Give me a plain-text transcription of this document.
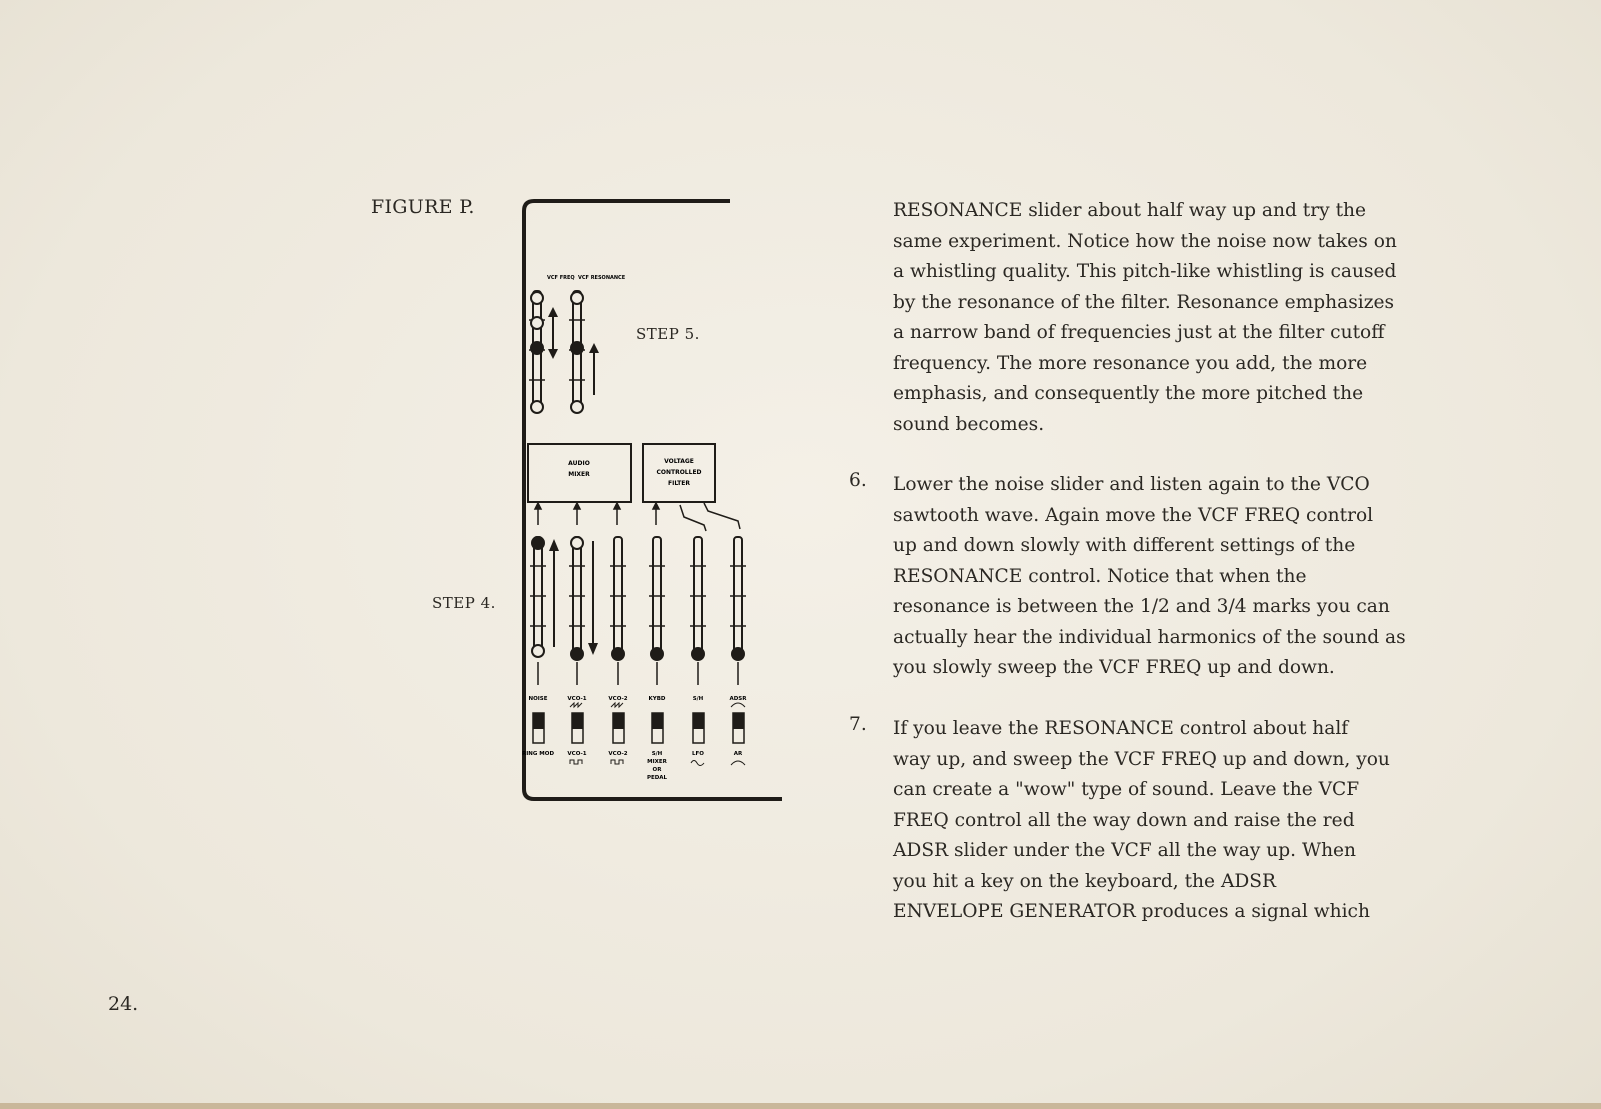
FIGURE P.
STEP 5.
STEP 4.
VCF FREQ VCF RESONANCE
AUDIO
MIXER
VOLTAGE
CONTROLLED
FILTER
NOISE	VCO-1	VCO-2	KYBD	S/H	ADSR
RING MOD VCO-1	VCO-2	S/H	LFO	AR
MIXER
OR
PEDAL
RESONANCE slider about half way up and try the
same experiment. Notice how the noise now takes on
a whistling quality. This pitch-like whistling is caused
by the resonance of the filter. Resonance emphasizes
a narrow band of frequencies just at the filter cutoff
frequency. The more resonance you add, the more
emphasis, and consequently the more pitched the
sound becomes.
6. Lower the noise slider and listen again to the VCO
sawtooth wave. Again move the VCF FREQ control
up and down slowly with different settings of the
RESONANCE control. Notice that when the
resonance is between the 1/2 and 3/4 marks you can
actually hear the individual harmonics of the sound as
you slowly sweep the VCF FREQ up and down.
7. If you leave the RESONANCE control about half
way up, and sweep the VCF FREQ up and down, you
can create a "wow" type of sound. Leave the VCF
FREQ control all the way down and raise the red
ADSR slider under the VCF all the way up. When
you hit a key on the keyboard, the ADSR
ENVELOPE GENERATOR produces a signal which
24.
